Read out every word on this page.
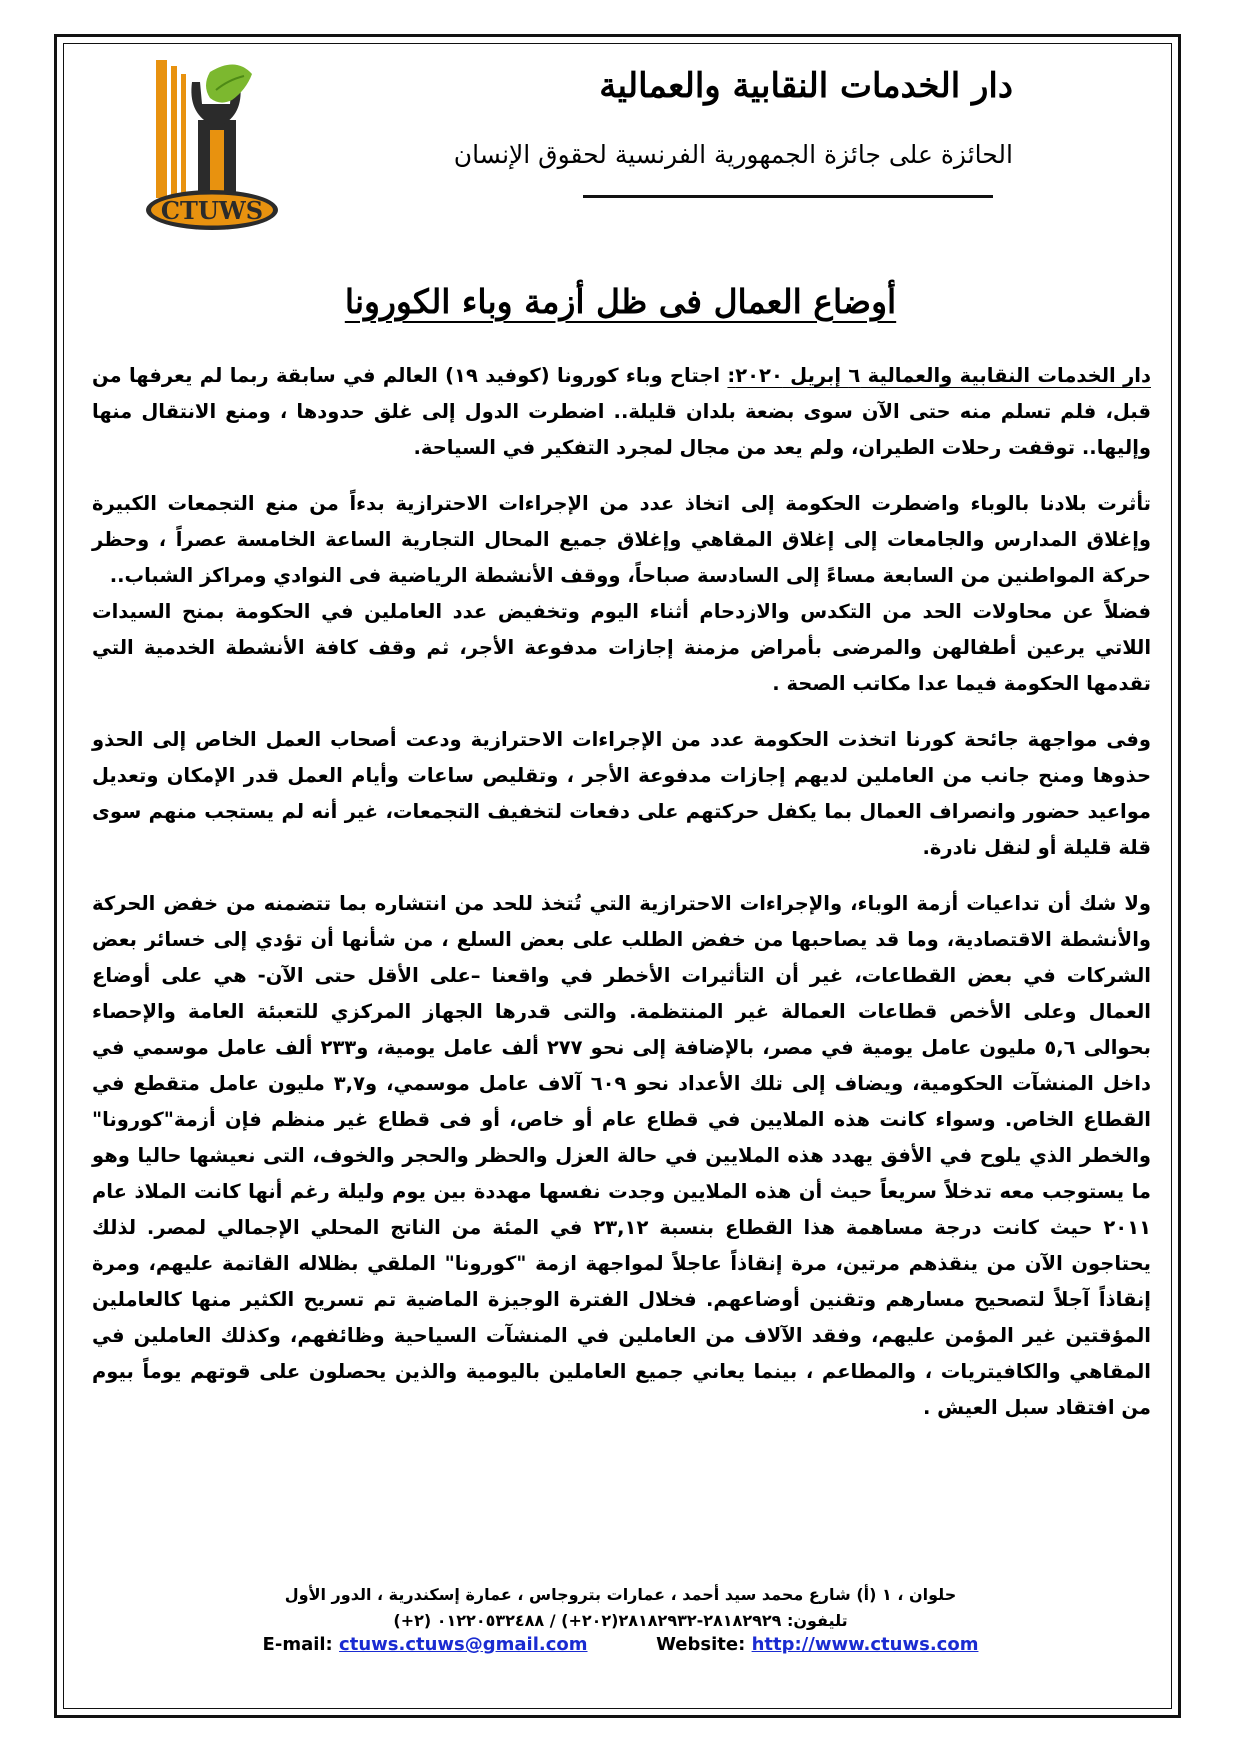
CTUWS
دار الخدمات النقابية والعمالية
الحائزة على جائزة الجمهورية الفرنسية لحقوق الإنسان
أوضاع العمال فى ظل أزمة وباء الكورونا

دار الخدمات النقابية والعمالية ٦ إبريل ٢٠٢٠: اجتاح وباء كورونا (كوفيد ١٩) العالم في سابقة ربما لم يعرفها من قبل، فلم تسلم منه حتى الآن سوى بضعة بلدان قليلة.. اضطرت الدول إلى غلق حدودها ، ومنع الانتقال منها وإليها.. توقفت رحلات الطيران، ولم يعد من مجال لمجرد التفكير في السياحة.

تأثرت بلادنا بالوباء واضطرت الحكومة إلى اتخاذ عدد من الإجراءات الاحترازية بدءاً من منع التجمعات الكبيرة وإغلاق المدارس والجامعات إلى إغلاق المقاهي وإغلاق جميع المحال التجارية الساعة الخامسة عصراً ، وحظر حركة المواطنين من السابعة مساءً إلى السادسة صباحاً، ووقف الأنشطة الرياضية فى النوادي ومراكز الشباب..

فضلاً عن محاولات الحد من التكدس والازدحام أثناء اليوم وتخفيض عدد العاملين في الحكومة بمنح السيدات اللاتي يرعين أطفالهن والمرضى بأمراض مزمنة إجازات مدفوعة الأجر، ثم وقف كافة الأنشطة الخدمية التي تقدمها الحكومة فيما عدا مكاتب الصحة .

وفى مواجهة جائحة كورنا اتخذت الحكومة عدد من الإجراءات الاحترازية ودعت أصحاب العمل الخاص إلى الحذو حذوها ومنح جانب من العاملين لديهم إجازات مدفوعة الأجر ، وتقليص ساعات وأيام العمل قدر الإمكان وتعديل مواعيد حضور وانصراف العمال بما يكفل حركتهم على دفعات لتخفيف التجمعات، غير أنه لم يستجب منهم سوى قلة قليلة أو لنقل نادرة.

ولا شك أن تداعيات أزمة الوباء، والإجراءات الاحترازية التي تُتخذ للحد من انتشاره بما تتضمنه من خفض الحركة والأنشطة الاقتصادية، وما قد يصاحبها من خفض الطلب على بعض السلع ، من شأنها أن تؤدي إلى خسائر بعض الشركات في بعض القطاعات، غير أن التأثيرات الأخطر في واقعنا –على الأقل حتى الآن- هي على أوضاع العمال وعلى الأخص قطاعات العمالة غير المنتظمة. والتى قدرها الجهاز المركزي للتعبئة العامة والإحصاء بحوالى ٥,٦ مليون عامل يومية في مصر، بالإضافة إلى نحو ٢٧٧ ألف عامل يومية، و٢٣٣ ألف عامل موسمي في داخل المنشآت الحكومية، ويضاف إلى تلك الأعداد نحو ٦٠٩ آلاف عامل موسمي، و٣,٧ مليون عامل متقطع في القطاع الخاص. وسواء كانت هذه الملايين في قطاع عام أو خاص، أو فى قطاع غير منظم فإن أزمة"كورونا" والخطر الذي يلوح في الأفق يهدد هذه الملايين في حالة العزل والحظر والحجر والخوف، التى نعيشها حاليا وهو ما يستوجب معه تدخلاً سريعاً حيث أن هذه الملايين وجدت نفسها مهددة بين يوم وليلة رغم أنها كانت الملاذ عام ٢٠١١ حيث كانت درجة مساهمة هذا القطاع بنسبة ٢٣,١٢ في المئة من الناتج المحلي الإجمالي لمصر. لذلك يحتاجون الآن من ينقذهم مرتين، مرة إنقاذاً عاجلاً لمواجهة ازمة "كورونا" الملقي بظلاله القاتمة عليهم، ومرة إنقاذاً آجلاً لتصحيح مسارهم وتقنين أوضاعهم. فخلال الفترة الوجيزة الماضية تم تسريح الكثير منها كالعاملين المؤقتين غير المؤمن عليهم، وفقد الآلاف من العاملين في المنشآت السياحية وظائفهم، وكذلك العاملين في المقاهي والكافيتريات ، والمطاعم ، بينما يعاني جميع العاملين باليومية والذين يحصلون على قوتهم يوماً بيوم من افتقاد سبل العيش .

حلوان ، ١ (أ) شارع محمد سيد أحمد ، عمارات بتروجاس ، عمارة إسكندرية ، الدور الأول
تليفون: ٢٨١٨٢٩٢٩-٢٨١٨٢٩٣٢(٢٠٢+) / ٠١٢٢٠٥٣٢٤٨٨ (٢+)
E-mail: ctuws.ctuws@gmail.com	Website: http://www.ctuws.com
